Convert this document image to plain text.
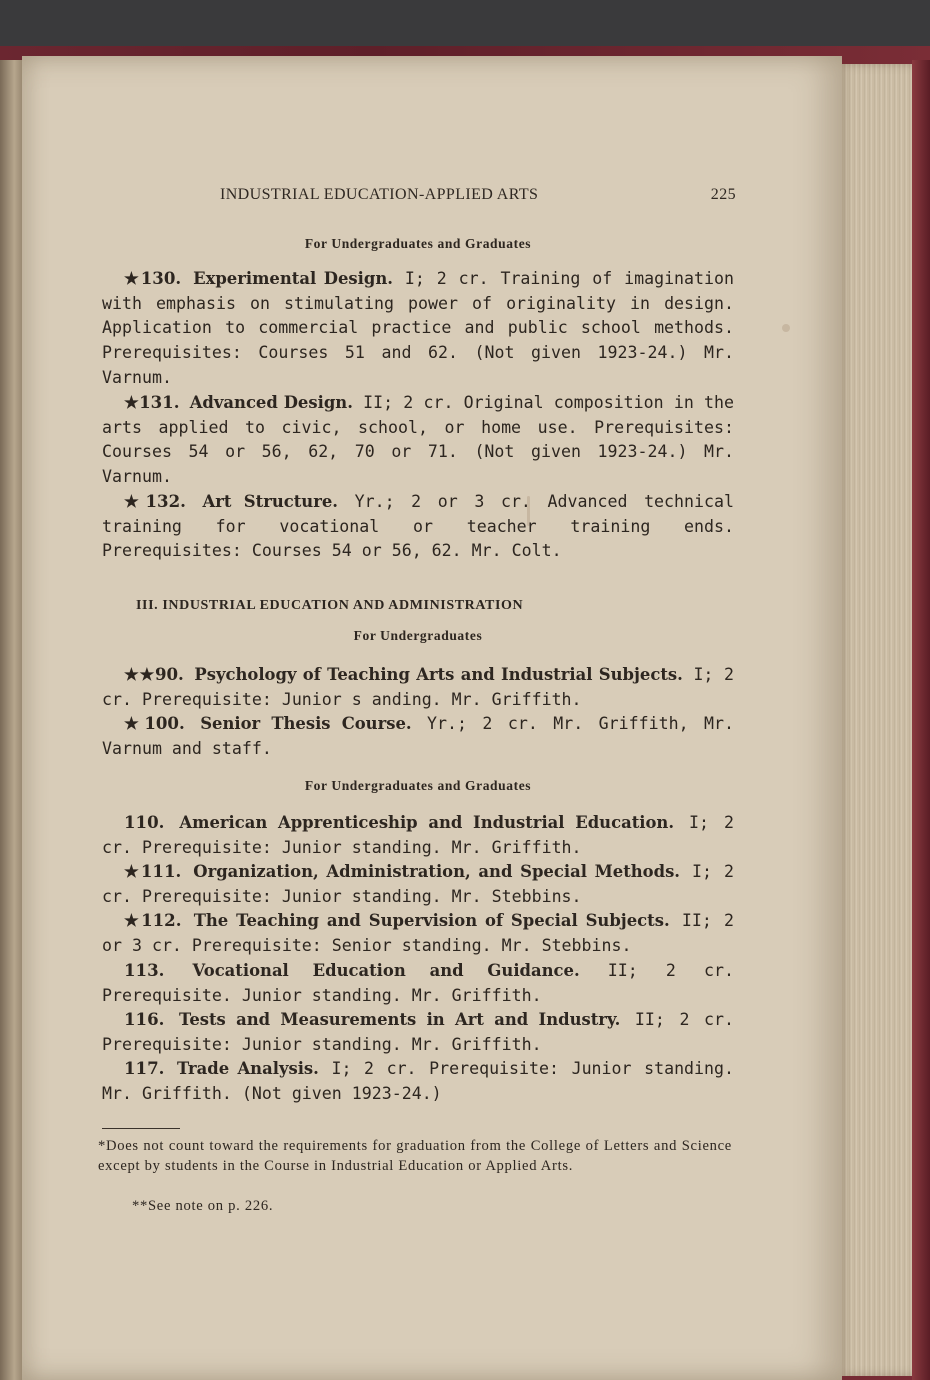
INDUSTRIAL EDUCATION-APPLIED ARTS	225
For Undergraduates and Graduates
★130. Experimental Design. I; 2 cr. Training of imagination with emphasis on stimulating power of originality in design. Application to commercial practice and public school methods. Prerequisites: Courses 51 and 62. (Not given 1923-24.) Mr. Varnum.
★131. Advanced Design. II; 2 cr. Original composition in the arts applied to civic, school, or home use. Prerequisites: Courses 54 or 56, 62, 70 or 71. (Not given 1923-24.) Mr. Varnum.
★132. Art Structure. Yr.; 2 or 3 cr. Advanced technical training for vocational or teacher training ends. Prerequisites: Courses 54 or 56, 62. Mr. Colt.
III. INDUSTRIAL EDUCATION AND ADMINISTRATION
For Undergraduates
★★90. Psychology of Teaching Arts and Industrial Subjects. I; 2 cr. Prerequisite: Junior s anding. Mr. Griffith.
★100. Senior Thesis Course. Yr.; 2 cr. Mr. Griffith, Mr. Varnum and staff.
For Undergraduates and Graduates
110. American Apprenticeship and Industrial Education. I; 2 cr. Prerequisite: Junior standing. Mr. Griffith.
★111. Organization, Administration, and Special Methods. I; 2 cr. Prerequisite: Junior standing. Mr. Stebbins.
★112. The Teaching and Supervision of Special Subjects. II; 2 or 3 cr. Prerequisite: Senior standing. Mr. Stebbins.
113. Vocational Education and Guidance. II; 2 cr. Prerequisite. Junior standing. Mr. Griffith.
116. Tests and Measurements in Art and Industry. II; 2 cr. Prerequisite: Junior standing. Mr. Griffith.
117. Trade Analysis. I; 2 cr. Prerequisite: Junior standing. Mr. Griffith. (Not given 1923-24.)
*Does not count toward the requirements for graduation from the College of Letters and Science except by students in the Course in Industrial Education or Applied Arts.
**See note on p. 226.
